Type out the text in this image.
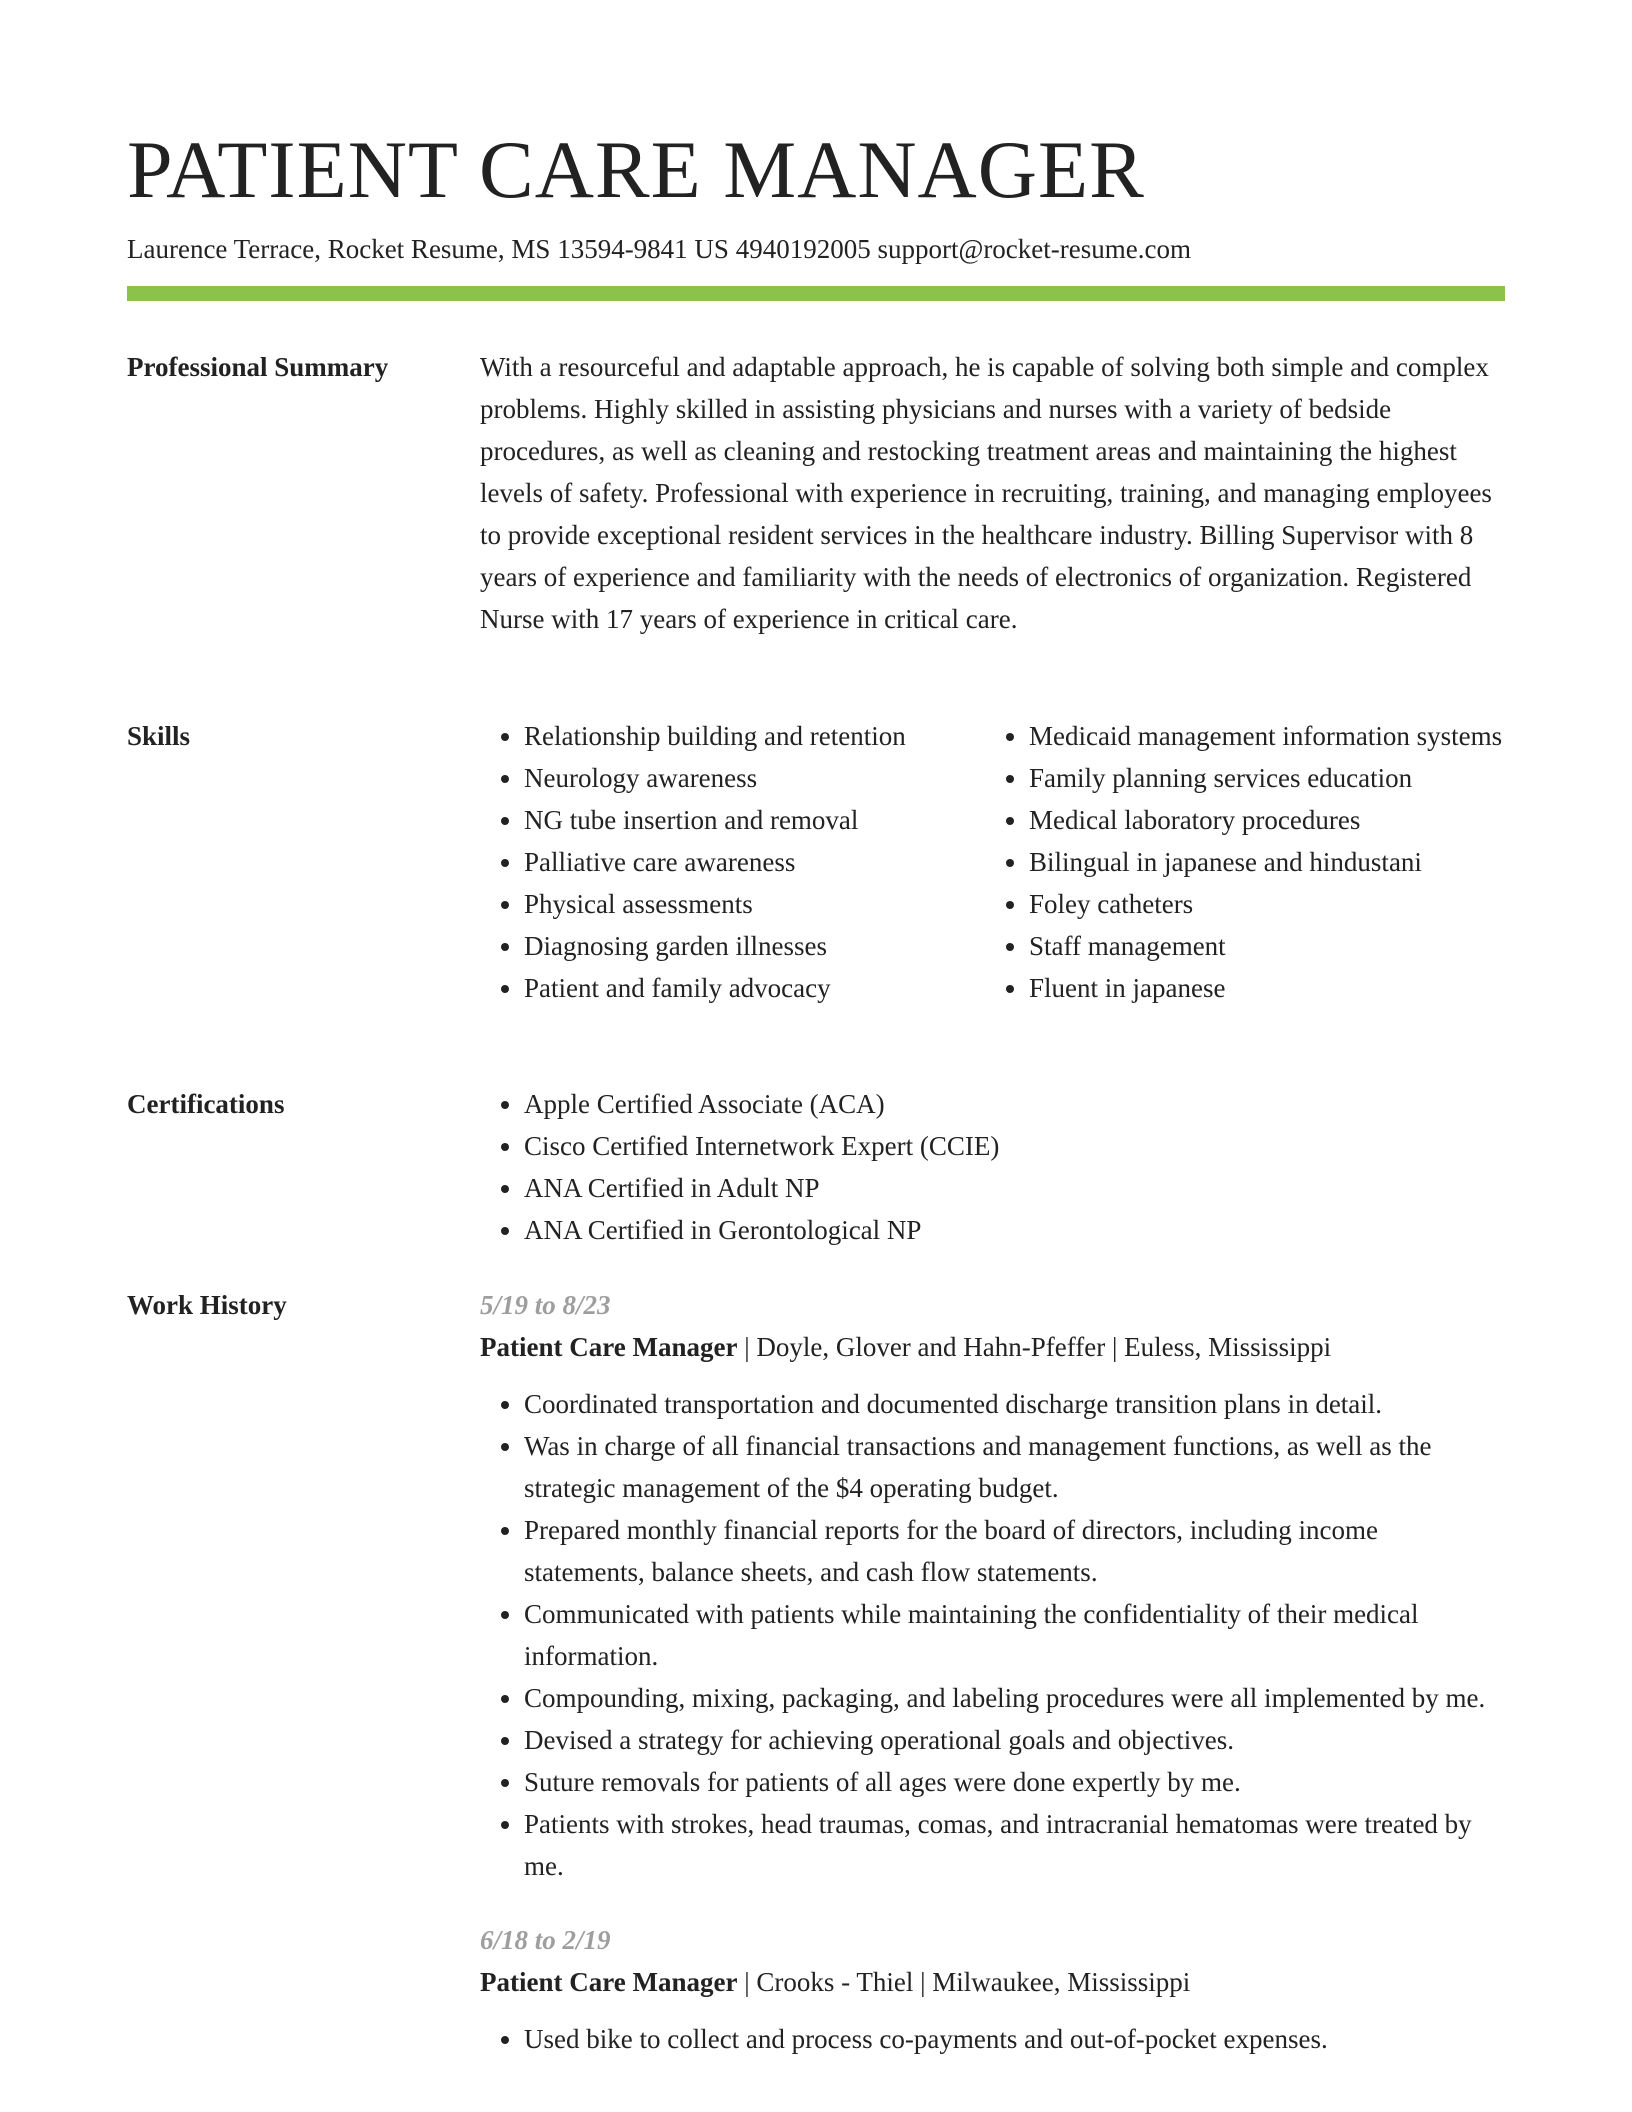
PATIENT CARE MANAGER
Laurence Terrace, Rocket Resume, MS 13594-9841 US 4940192005 support@rocket-resume.com
Professional Summary	With a resourceful and adaptable approach, he is capable of solving both simple and complex problems. Highly skilled in assisting physicians and nurses with a variety of bedside procedures, as well as cleaning and restocking treatment areas and maintaining the highest levels of safety. Professional with experience in recruiting, training, and managing employees to provide exceptional resident services in the healthcare industry. Billing Supervisor with 8 years of experience and familiarity with the needs of electronics of organization. Registered Nurse with 17 years of experience in critical care.

Skills	• Relationship building and retention
• Neurology awareness
• NG tube insertion and removal
• Palliative care awareness
• Physical assessments
• Diagnosing garden illnesses
• Patient and family advocacy
• Medicaid management information systems
• Family planning services education
• Medical laboratory procedures
• Bilingual in japanese and hindustani
• Foley catheters
• Staff management
• Fluent in japanese
Certifications	• Apple Certified Associate (ACA)
• Cisco Certified Internetwork Expert (CCIE)
• ANA Certified in Adult NP
• ANA Certified in Gerontological NP
Work History	5/19 to 8/23
Patient Care Manager | Doyle, Glover and Hahn-Pfeffer | Euless, Mississippi
• Coordinated transportation and documented discharge transition plans in detail.
• Was in charge of all financial transactions and management functions, as well as the strategic management of the $4 operating budget.
• Prepared monthly financial reports for the board of directors, including income statements, balance sheets, and cash flow statements.
• Communicated with patients while maintaining the confidentiality of their medical information.
• Compounding, mixing, packaging, and labeling procedures were all implemented by me.
• Devised a strategy for achieving operational goals and objectives.
• Suture removals for patients of all ages were done expertly by me.
• Patients with strokes, head traumas, comas, and intracranial hematomas were treated by me.
6/18 to 2/19
Patient Care Manager | Crooks - Thiel | Milwaukee, Mississippi
• Used bike to collect and process co-payments and out-of-pocket expenses.
